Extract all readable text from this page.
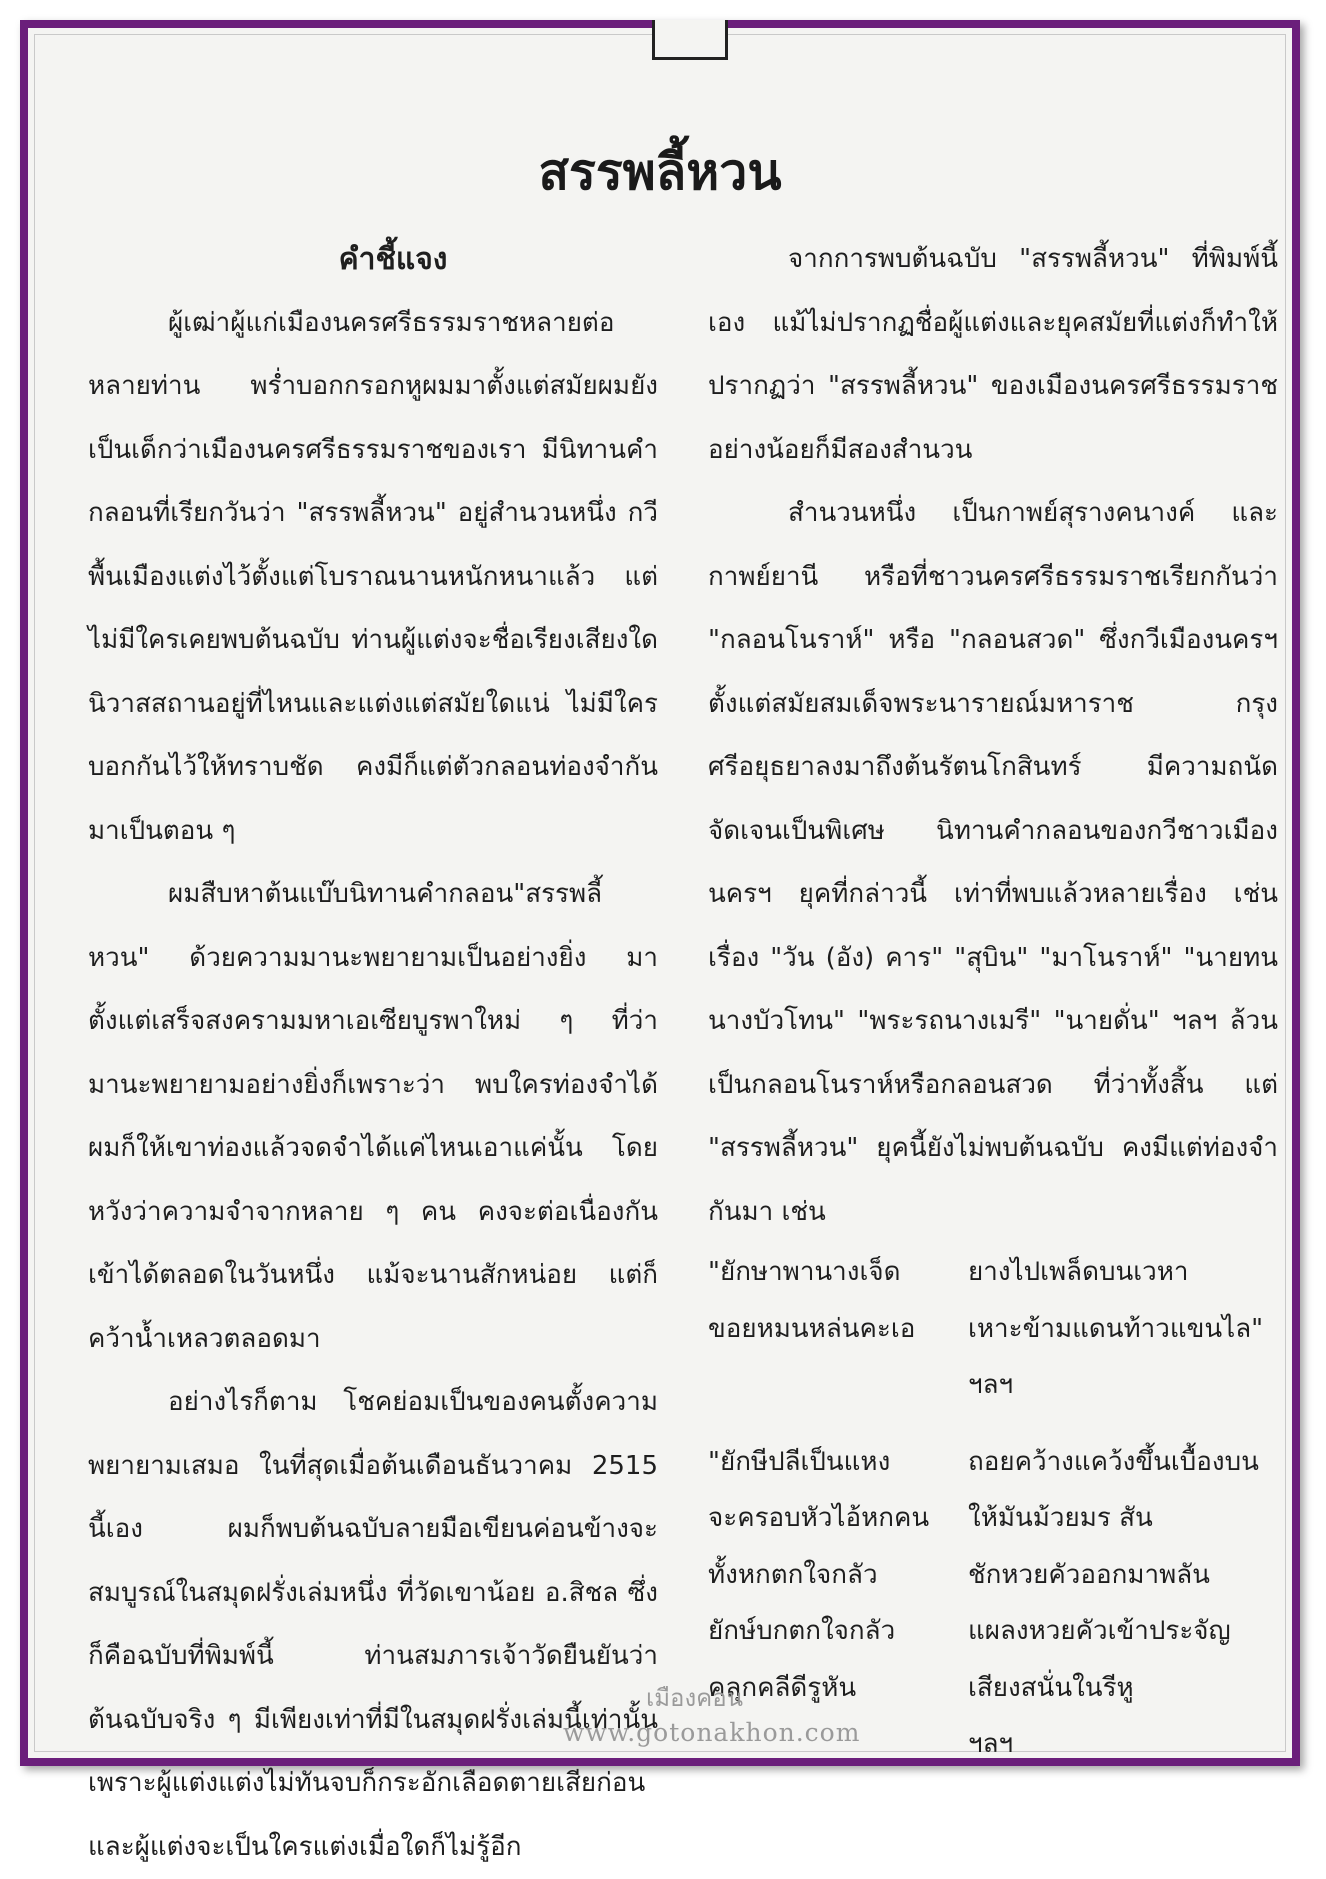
สรรพลี้หวน
คำชี้แจง

ผู้เฒ่าผู้แก่เมืองนครศรีธรรมราชหลายต่อหลายท่าน พร่ำบอกกรอกหูผมมาตั้งแต่สมัยผมยังเป็นเด็กว่าเมืองนครศรีธรรมราชของเรา มีนิทานคำกลอนที่เรียกวันว่า "สรรพลี้หวน" อยู่สำนวนหนึ่ง กวีพื้นเมืองแต่งไว้ตั้งแต่โบราณนานหนักหนาแล้ว แต่ไม่มีใครเคยพบต้นฉบับ ท่านผู้แต่งจะชื่อเรียงเสียงใดนิวาสสถานอยู่ที่ไหนและแต่งแต่สมัยใดแน่ ไม่มีใครบอกกันไว้ให้ทราบชัด คงมีก็แต่ตัวกลอนท่องจำกันมาเป็นตอน ๆ

ผมสืบหาต้นแบ๊บนิทานคำกลอน"สรรพลี้หวน" ด้วยความมานะพยายามเป็นอย่างยิ่ง มาตั้งแต่เสร็จสงครามมหาเอเซียบูรพาใหม่ ๆ ที่ว่ามานะพยายามอย่างยิ่งก็เพราะว่า พบใครท่องจำได้ผมก็ให้เขาท่องแล้วจดจำได้แค่ไหนเอาแค่นั้น โดยหวังว่าความจำจากหลาย ๆ คน คงจะต่อเนื่องกันเข้าได้ตลอดในวันหนึ่ง แม้จะนานสักหน่อย แต่ก็คว้าน้ำเหลวตลอดมา

อย่างไรก็ตาม โชคย่อมเป็นของคนตั้งความพยายามเสมอ ในที่สุดเมื่อต้นเดือนธันวาคม 2515 นี้เอง ผมก็พบต้นฉบับลายมือเขียนค่อนข้างจะสมบูรณ์ในสมุดฝรั่งเล่มหนึ่ง ที่วัดเขาน้อย อ.สิชล ซึ่งก็คือฉบับที่พิมพ์นี้ ท่านสมภารเจ้าวัดยืนยันว่า ต้นฉบับจริง ๆ มีเพียงเท่าที่มีในสมุดฝรั่งเล่มนี้เท่านั้น เพราะผู้แต่งแต่งไม่ทันจบก็กระอักเลือดตายเสียก่อน และผู้แต่งจะเป็นใครแต่งเมื่อใดก็ไม่รู้อีก

จากการพบต้นฉบับ "สรรพลี้หวน" ที่พิมพ์นี้เอง แม้ไม่ปรากฏชื่อผู้แต่งและยุคสมัยที่แต่งก็ทำให้ปรากฏว่า "สรรพลี้หวน" ของเมืองนครศรีธรรมราชอย่างน้อยก็มีสองสำนวน

สำนวนหนึ่ง เป็นกาพย์สุรางคนางค์ และกาพย์ยานี หรือที่ชาวนครศรีธรรมราชเรียกกันว่า "กลอนโนราห์" หรือ "กลอนสวด" ซึ่งกวีเมืองนครฯ ตั้งแต่สมัยสมเด็จพระนารายณ์มหาราช กรุงศรีอยุธยาลงมาถึงต้นรัตนโกสินทร์ มีความถนัดจัดเจนเป็นพิเศษ นิทานคำกลอนของกวีชาวเมืองนครฯ ยุคที่กล่าวนี้ เท่าที่พบแล้วหลายเรื่อง เช่น เรื่อง "วัน (อัง) คาร" "สุบิน" "มาโนราห์" "นายทนนางบัวโทน" "พระรถนางเมรี" "นายดั่น" ฯลฯ ล้วนเป็นกลอนโนราห์หรือกลอนสวด ที่ว่าทั้งสิ้น แต่ "สรรพลี้หวน" ยุคนี้ยังไม่พบต้นฉบับ คงมีแต่ท่องจำกันมา เช่น

"ยักษาพานางเจ็ด
ขอยหมนหล่นคะเอ
ยางไปเพล็ดบนเวหา
เหาะข้ามแดนท้าวแขนไล"
ฯลฯ
"ยักษีปลีเป็นแหง
จะครอบหัวไอ้หกคน
ทั้งหกตกใจกลัว
ยักษ์บกตกใจกลัว
คลุกคลีดีรูหัน
ถอยคว้างแคว้งขึ้นเบื้องบน
ให้มันม้วยมร สัน
ชักหวยคัวออกมาพลัน
แผลงหวยคัวเข้าประจัญ
เสียงสนั่นในรีหู
ฯลฯ
เมืองคอน
www.gotonakhon.com
